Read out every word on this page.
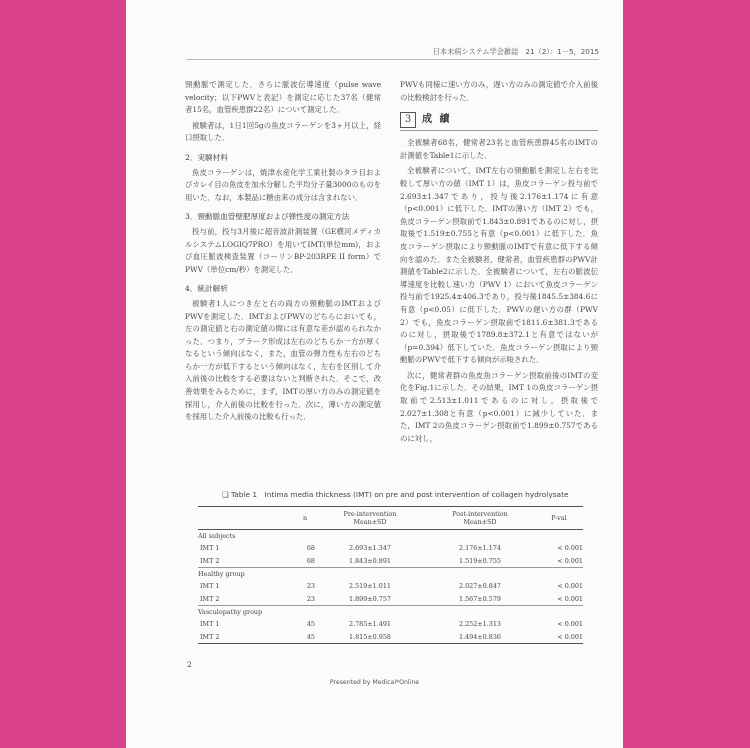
日本未病システム学会雑誌　21（2）：1－5，2015

頸動脈で測定した．さらに脈波伝導速度（pulse wave velocity；以下PWVと表記）を測定に応じた37名（健常者15名，血管疾患群22名）について測定した．

被験者は，1日1回5gの魚皮コラーゲンを3ヶ月以上，経口摂取した．

2．実験材料

魚皮コラーゲンは，焼津水産化学工業社製のタラ目およびカレイ目の魚皮を加水分解した平均分子量3000のものを用いた．なお，本製品に糖由来の成分は含まれない．

3．頸動脈血管壁肥厚度および弾性度の測定方法

投与前，投与3月後に超音波計測装置（GE横河メディカルシステムLOGIQ7PRO）を用いてIMT(単位mm)，および血圧脈波検査装置（コーリンBP-203RPE II form）でPWV（単位cm/秒）を測定した．

4．統計解析

被験者1人につき左と右の両方の頸動脈のIMTおよびPWVを測定した．IMTおよびPWVのどちらにおいても，左の測定値と右の測定値の間には有意な差が認められなかった．つまり，プラーク形成は左右のどちらか一方が厚くなるという傾向はなく，また，血管の弾力性も左右のどちらか一方が低下するという傾向はなく，左右を区別して介入前後の比較をする必要はないと判断された．そこで，改善効果をみるために，まず，IMTの厚い方のみの測定値を採用し，介入前後の比較を行った．次に，薄い方の測定値を採用した介入前後の比較も行った．

PWVも同様に速い方のみ，遅い方のみの測定値で介入前後の比較検討を行った．

3	成 績

全被験者68名，健常者23名と血管疾患群45名のIMTの計測値をTable1に示した．

全被験者について，IMT左右の頸動脈を測定し左右を比較して厚い方の値（IMT 1）は，魚皮コラーゲン投与前で2.693±1.347であり，投与後2.176±1.174に有意（p<0.001）に低下した．IMTの薄い方（IMT 2）でも，魚皮コラーゲン摂取前で1.843±0.891であるのに対し，摂取後で1.519±0.755と有意（p<0.001）に低下した．魚皮コラーゲン摂取により頸動脈のIMTで有意に低下する傾向を認めた．また全被験者，健常者，血管疾患群のPWV計測値をTable2に示した．全被験者について，左右の脈波伝導速度を比較し速い方（PWV 1）において魚皮コラーゲン投与前で1925.4±406.3であり，投与後1845.5±384.6に有意（p<0.05）に低下した．PWVの遅い方の群（PWV 2）でも，魚皮コラーゲン摂取前で1811.6±381.3であるのに対し，摂取後で1789.8±372.1と有意ではないが（p=0.394）低下していた．魚皮コラーゲン摂取により頸動脈のPWVで低下する傾向が示唆された．

次に，健常者群の魚皮魚コラーゲン摂取前後のIMTの変化をFig.1に示した．その結果，IMT 1の魚皮コラーゲン摂取前で2.513±1.011であるのに対し，摂取後で2.027±1.308と有意（p<0.001）に減少していた．また，IMT 2の魚皮コラーゲン摂取前で1.899±0.757であるのに対し，

❑ Table 1　Intima media thickness (IMT) on pre and post intervention of collagen hydrolysate
n	Pre-intervention
Mean±SD
Post-intervention
Mean±SD	P-val
All subjects
IMT 1	68	2.693±1.347	2.176±1.174	< 0.001
IMT 2	68	1.843±0.891	1.519±0.755	< 0.001
Healthy group
IMT 1	23	2.519±1.011	2.027±0.847	< 0.001
IMT 2	23	1.899±0.757	1.567±0.579	< 0.001
Vasculopathy group
IMT 1	45	2.785±1.491	2.252±1.313	< 0.001
IMT 2	45	1.815±0.958	1.494±0.836	< 0.001
2
Presented by Medical*Online
